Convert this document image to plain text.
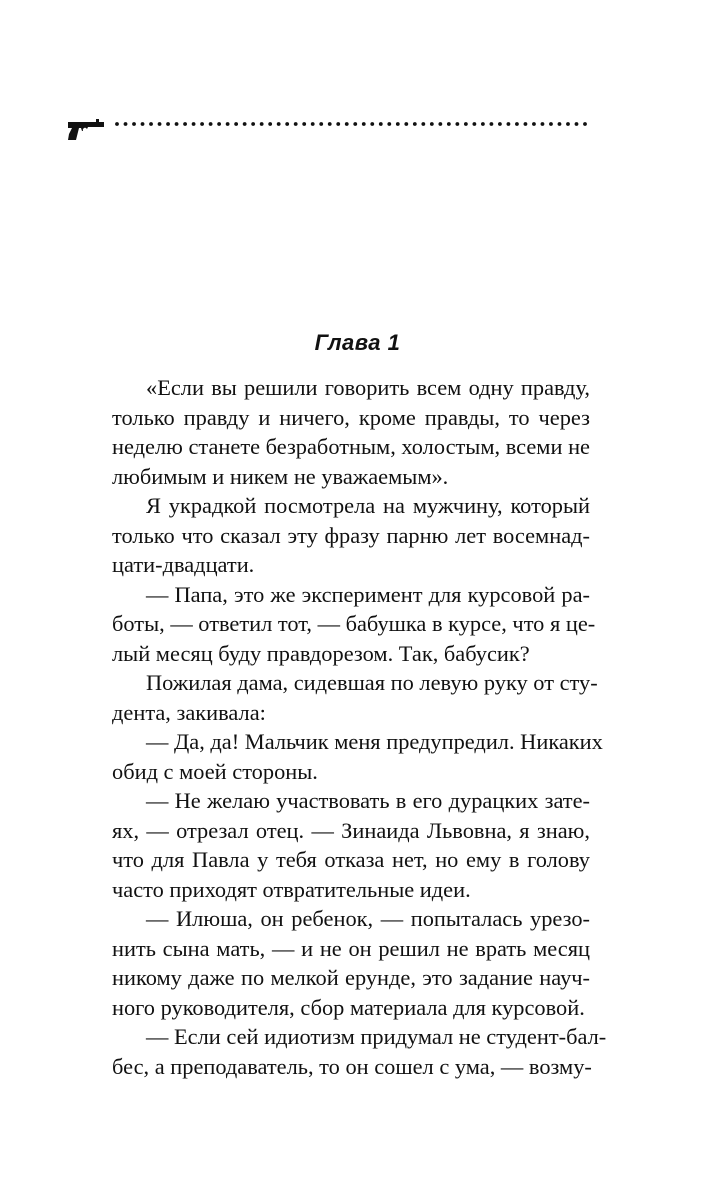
Глава 1
«Если вы решили говорить всем одну правду,
только правду и ничего, кроме правды, то через
неделю станете безработным, холостым, всеми не
любимым и никем не уважаемым».
Я украдкой посмотрела на мужчину, который
только что сказал эту фразу парню лет восемнад-
цати-двадцати.
— Папа, это же эксперимент для курсовой ра-
боты, — ответил тот, — бабушка в курсе, что я це-
лый месяц буду правдорезом. Так, бабусик?
Пожилая дама, сидевшая по левую руку от сту-
дента, закивала:
— Да, да! Мальчик меня предупредил. Никаких
обид с моей стороны.
— Не желаю участвовать в его дурацких зате-
ях, — отрезал отец. — Зинаида Львовна, я знаю,
что для Павла у тебя отказа нет, но ему в голову
часто приходят отвратительные идеи.
— Илюша, он ребенок, — попыталась урезо-
нить сына мать, — и не он решил не врать месяц
никому даже по мелкой ерунде, это задание науч-
ного руководителя, сбор материала для курсовой.
— Если сей идиотизм придумал не студент-бал-
бес, а преподаватель, то он сошел с ума, — возму-
